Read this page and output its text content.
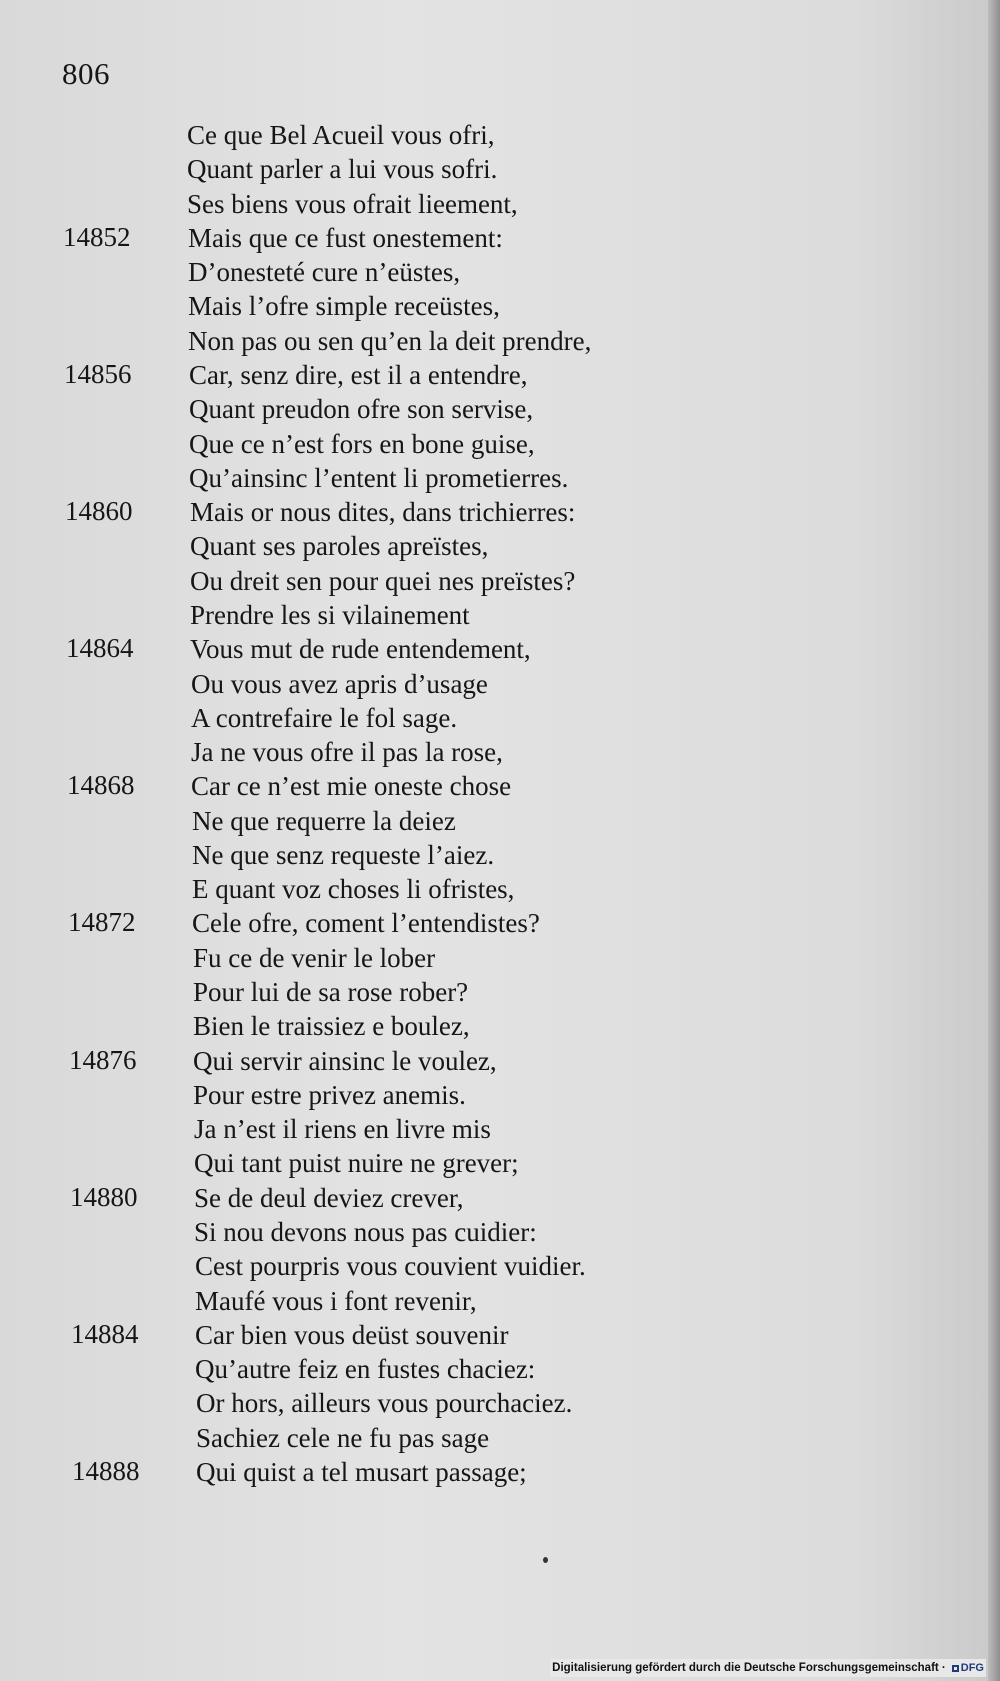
806
Ce que Bel Acueil vous ofri,
Quant parler a lui vous sofri.
Ses biens vous ofrait lieement,
14852 Mais que ce fust onestement:
D’onesteté cure n’eüstes,
Mais l’ofre simple receüstes,
Non pas ou sen qu’en la deit prendre,
14856 Car, senz dire, est il a entendre,
Quant preudon ofre son servise,
Que ce n’est fors en bone guise,
Qu’ainsinc l’entent li prometierres.
14860 Mais or nous dites, dans trichierres:
Quant ses paroles apreïstes,
Ou dreit sen pour quei nes preïstes?
Prendre les si vilainement
14864 Vous mut de rude entendement,
Ou vous avez apris d’usage
A contrefaire le fol sage.
Ja ne vous ofre il pas la rose,
14868 Car ce n’est mie oneste chose
Ne que requerre la deiez
Ne que senz requeste l’aiez.
E quant voz choses li ofristes,
14872 Cele ofre, coment l’entendistes?
Fu ce de venir le lober
Pour lui de sa rose rober?
Bien le traissiez e boulez,
14876 Qui servir ainsinc le voulez,
Pour estre privez anemis.
Ja n’est il riens en livre mis
Qui tant puist nuire ne grever;
14880 Se de deul deviez crever,
Si nou devons nous pas cuidier:
Cest pourpris vous couvient vuidier.
Maufé vous i font revenir,
14884 Car bien vous deüst souvenir
Qu’autre feiz en fustes chaciez:
Or hors, ailleurs vous pourchaciez.
Sachiez cele ne fu pas sage
14888 Qui quist a tel musart passage;
Digitalisierung gefördert durch die Deutsche Forschungsgemeinschaft · DFG
